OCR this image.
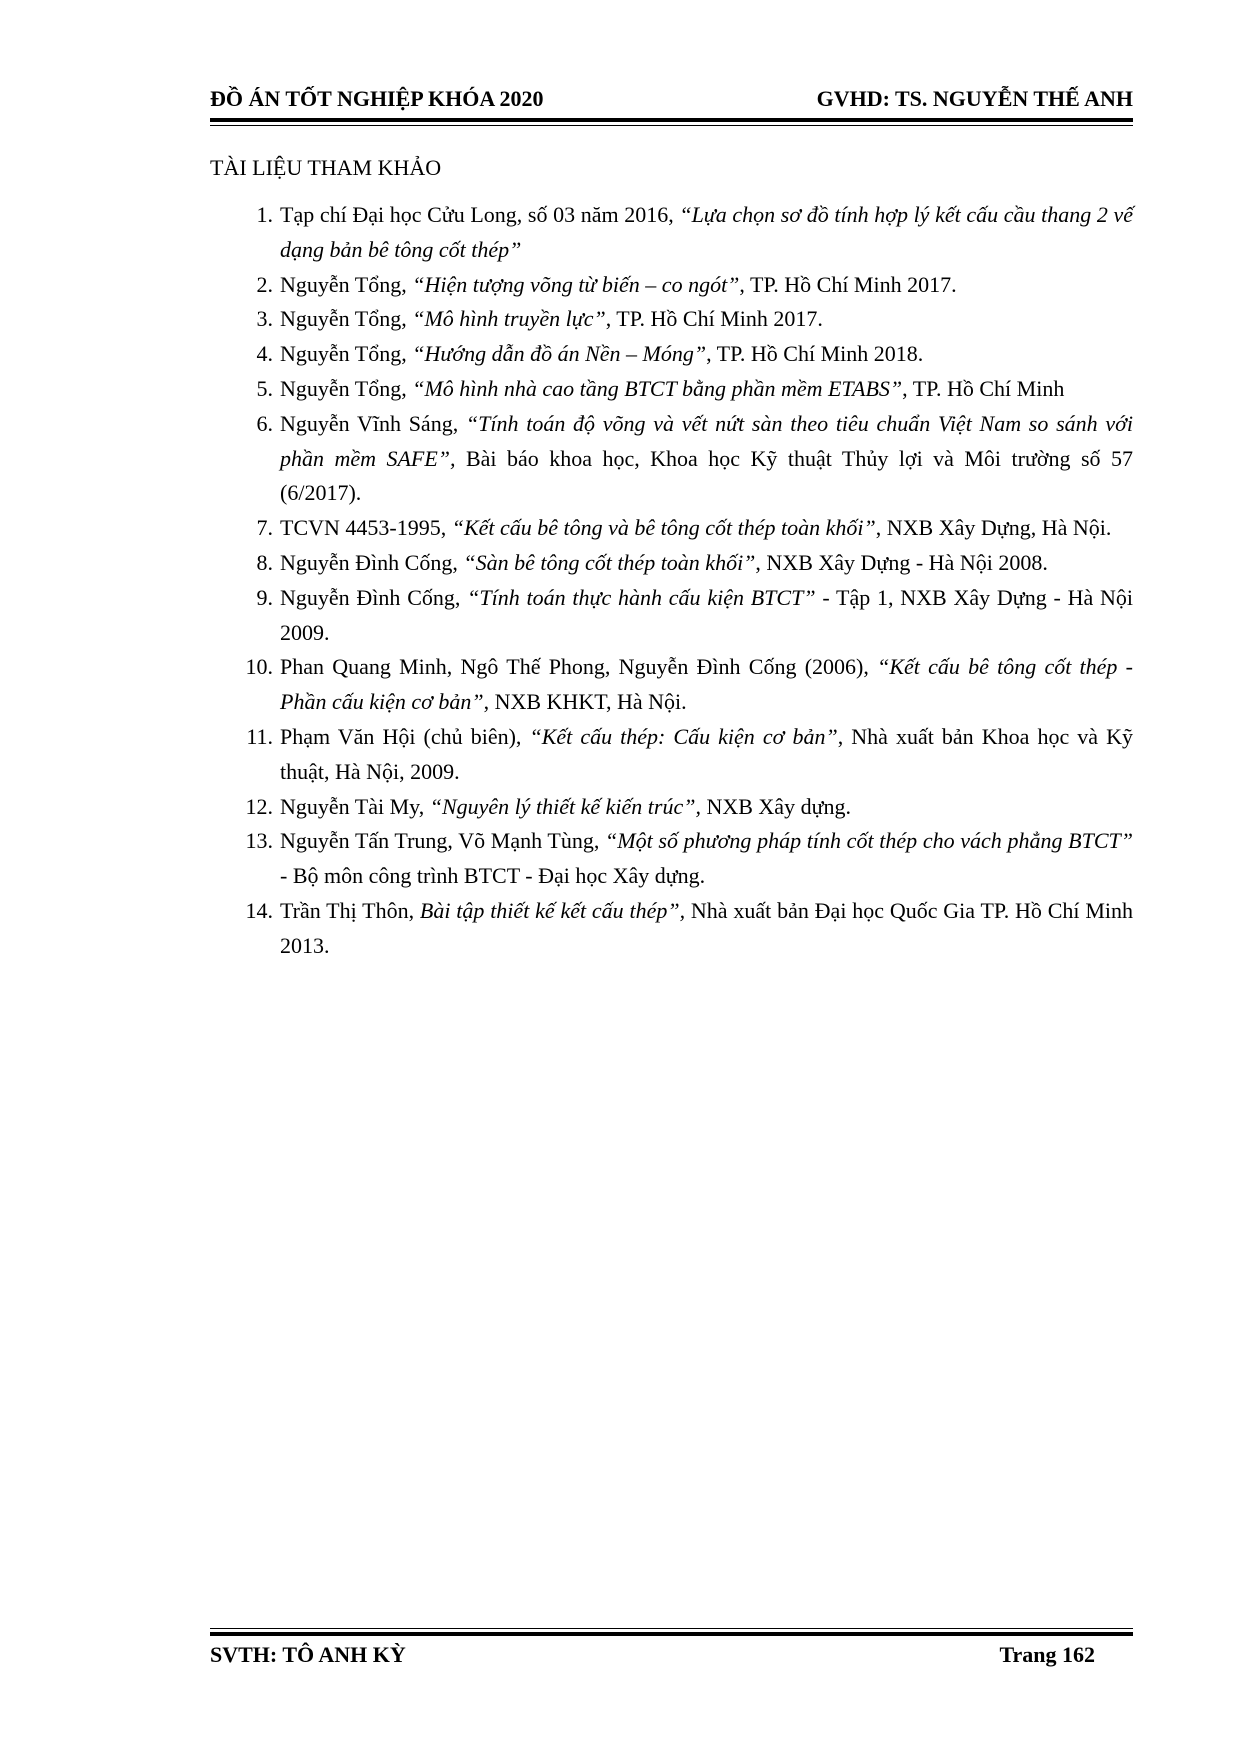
ĐỒ ÁN TỐT NGHIỆP KHÓA 2020	GVHD: TS. NGUYỄN THẾ ANH
TÀI LIỆU THAM KHẢO
1. Tạp chí Đại học Cửu Long, số 03 năm 2016, “Lựa chọn sơ đồ tính hợp lý kết cấu cầu thang 2 vế dạng bản bê tông cốt thép”
2. Nguyễn Tổng, “Hiện tượng võng từ biến – co ngót”, TP. Hồ Chí Minh 2017.
3. Nguyễn Tổng, “Mô hình truyền lực”, TP. Hồ Chí Minh 2017.
4. Nguyễn Tổng, “Hướng dẫn đồ án Nền – Móng”, TP. Hồ Chí Minh 2018.
5. Nguyễn Tổng, “Mô hình nhà cao tầng BTCT bằng phần mềm ETABS”, TP. Hồ Chí Minh
6. Nguyễn Vĩnh Sáng, “Tính toán độ võng và vết nứt sàn theo tiêu chuẩn Việt Nam so sánh với phần mềm SAFE”, Bài báo khoa học, Khoa học Kỹ thuật Thủy lợi và Môi trường số 57 (6/2017).
7. TCVN 4453-1995, “Kết cấu bê tông và bê tông cốt thép toàn khối”, NXB Xây Dựng, Hà Nội.
8. Nguyễn Đình Cống, “Sàn bê tông cốt thép toàn khối”, NXB Xây Dựng - Hà Nội 2008.
9. Nguyễn Đình Cống, “Tính toán thực hành cấu kiện BTCT” - Tập 1, NXB Xây Dựng - Hà Nội 2009.
10. Phan Quang Minh, Ngô Thế Phong, Nguyễn Đình Cống (2006), “Kết cấu bê tông cốt thép - Phần cấu kiện cơ bản”, NXB KHKT, Hà Nội.
11. Phạm Văn Hội (chủ biên), “Kết cấu thép: Cấu kiện cơ bản”, Nhà xuất bản Khoa học và Kỹ thuật, Hà Nội, 2009.
12. Nguyễn Tài My, “Nguyên lý thiết kế kiến trúc”, NXB Xây dựng.
13. Nguyễn Tấn Trung, Võ Mạnh Tùng, “Một số phương pháp tính cốt thép cho vách phẳng BTCT” - Bộ môn công trình BTCT - Đại học Xây dựng.
14. Trần Thị Thôn, Bài tập thiết kế kết cấu thép”, Nhà xuất bản Đại học Quốc Gia TP. Hồ Chí Minh 2013.
SVTH: TÔ ANH KỲ	Trang 162
